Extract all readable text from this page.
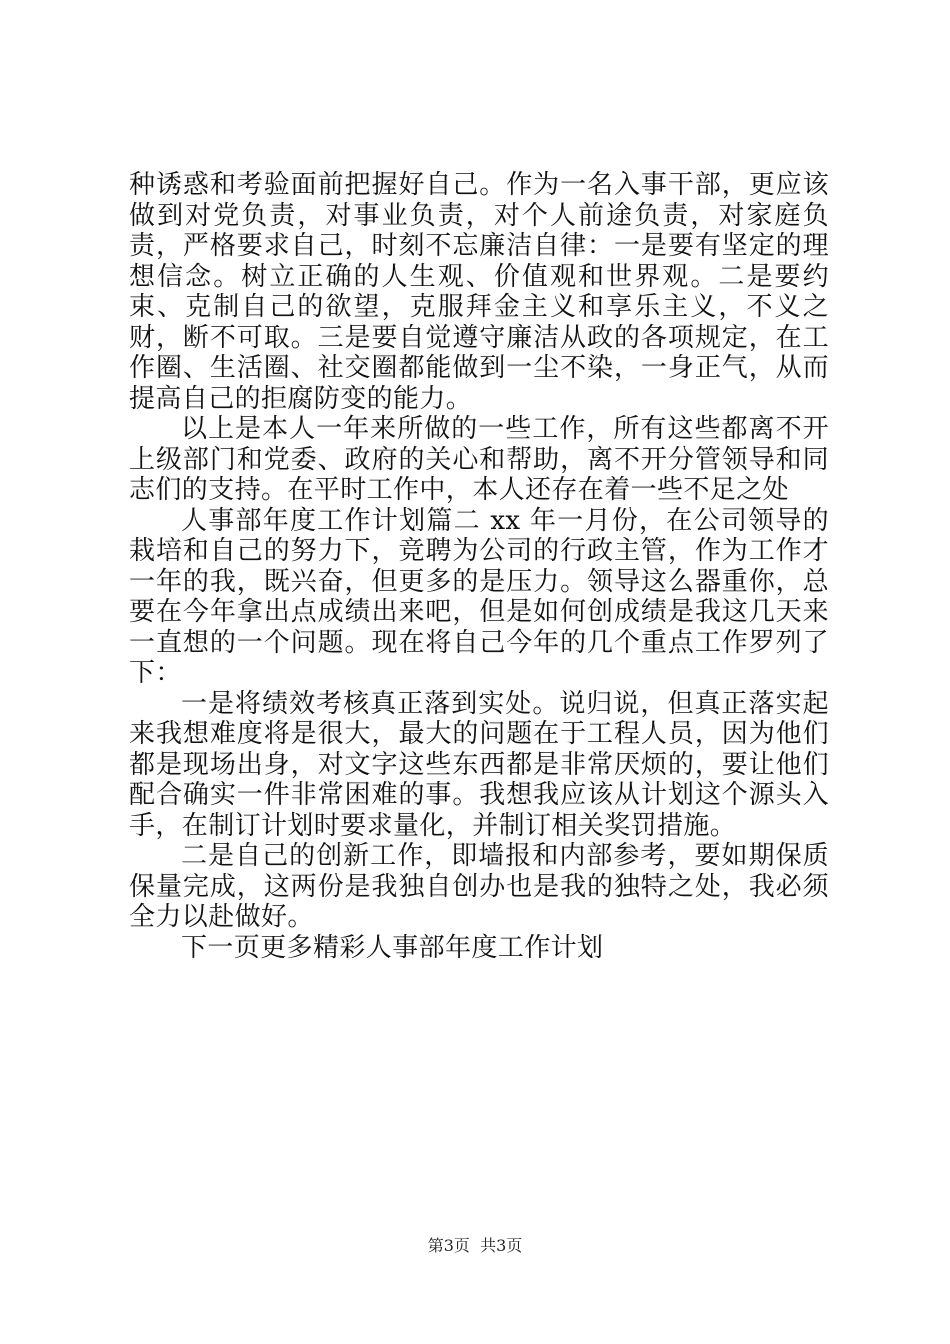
种诱惑和考验面前把握好自己。作为一名入事干部，更应该做到对党负责，对事业负责，对个人前途负责，对家庭负责，严格要求自己，时刻不忘廉洁自律：一是要有坚定的理想信念。树立正确的人生观、价值观和世界观。二是要约束、克制自己的欲望，克服拜金主义和享乐主义，不义之财，断不可取。三是要自觉遵守廉洁从政的各项规定，在工作圈、生活圈、社交圈都能做到一尘不染，一身正气，从而提高自己的拒腐防变的能力。

以上是本人一年来所做的一些工作，所有这些都离不开上级部门和党委、政府的关心和帮助，离不开分管领导和同志们的支持。在平时工作中，本人还存在着一些不足之处

人事部年度工作计划篇二 xx 年一月份，在公司领导的栽培和自己的努力下，竞聘为公司的行政主管，作为工作才一年的我，既兴奋，但更多的是压力。领导这么器重你，总要在今年拿出点成绩出来吧，但是如何创成绩是我这几天来一直想的一个问题。现在将自己今年的几个重点工作罗列了下：

一是将绩效考核真正落到实处。说归说，但真正落实起来我想难度将是很大，最大的问题在于工程人员，因为他们都是现场出身，对文字这些东西都是非常厌烦的，要让他们配合确实一件非常困难的事。我想我应该从计划这个源头入手，在制订计划时要求量化，并制订相关奖罚措施。

二是自己的创新工作，即墙报和内部参考，要如期保质保量完成，这两份是我独自创办也是我的独特之处，我必须全力以赴做好。

下一页更多精彩人事部年度工作计划

第3页  共3页
